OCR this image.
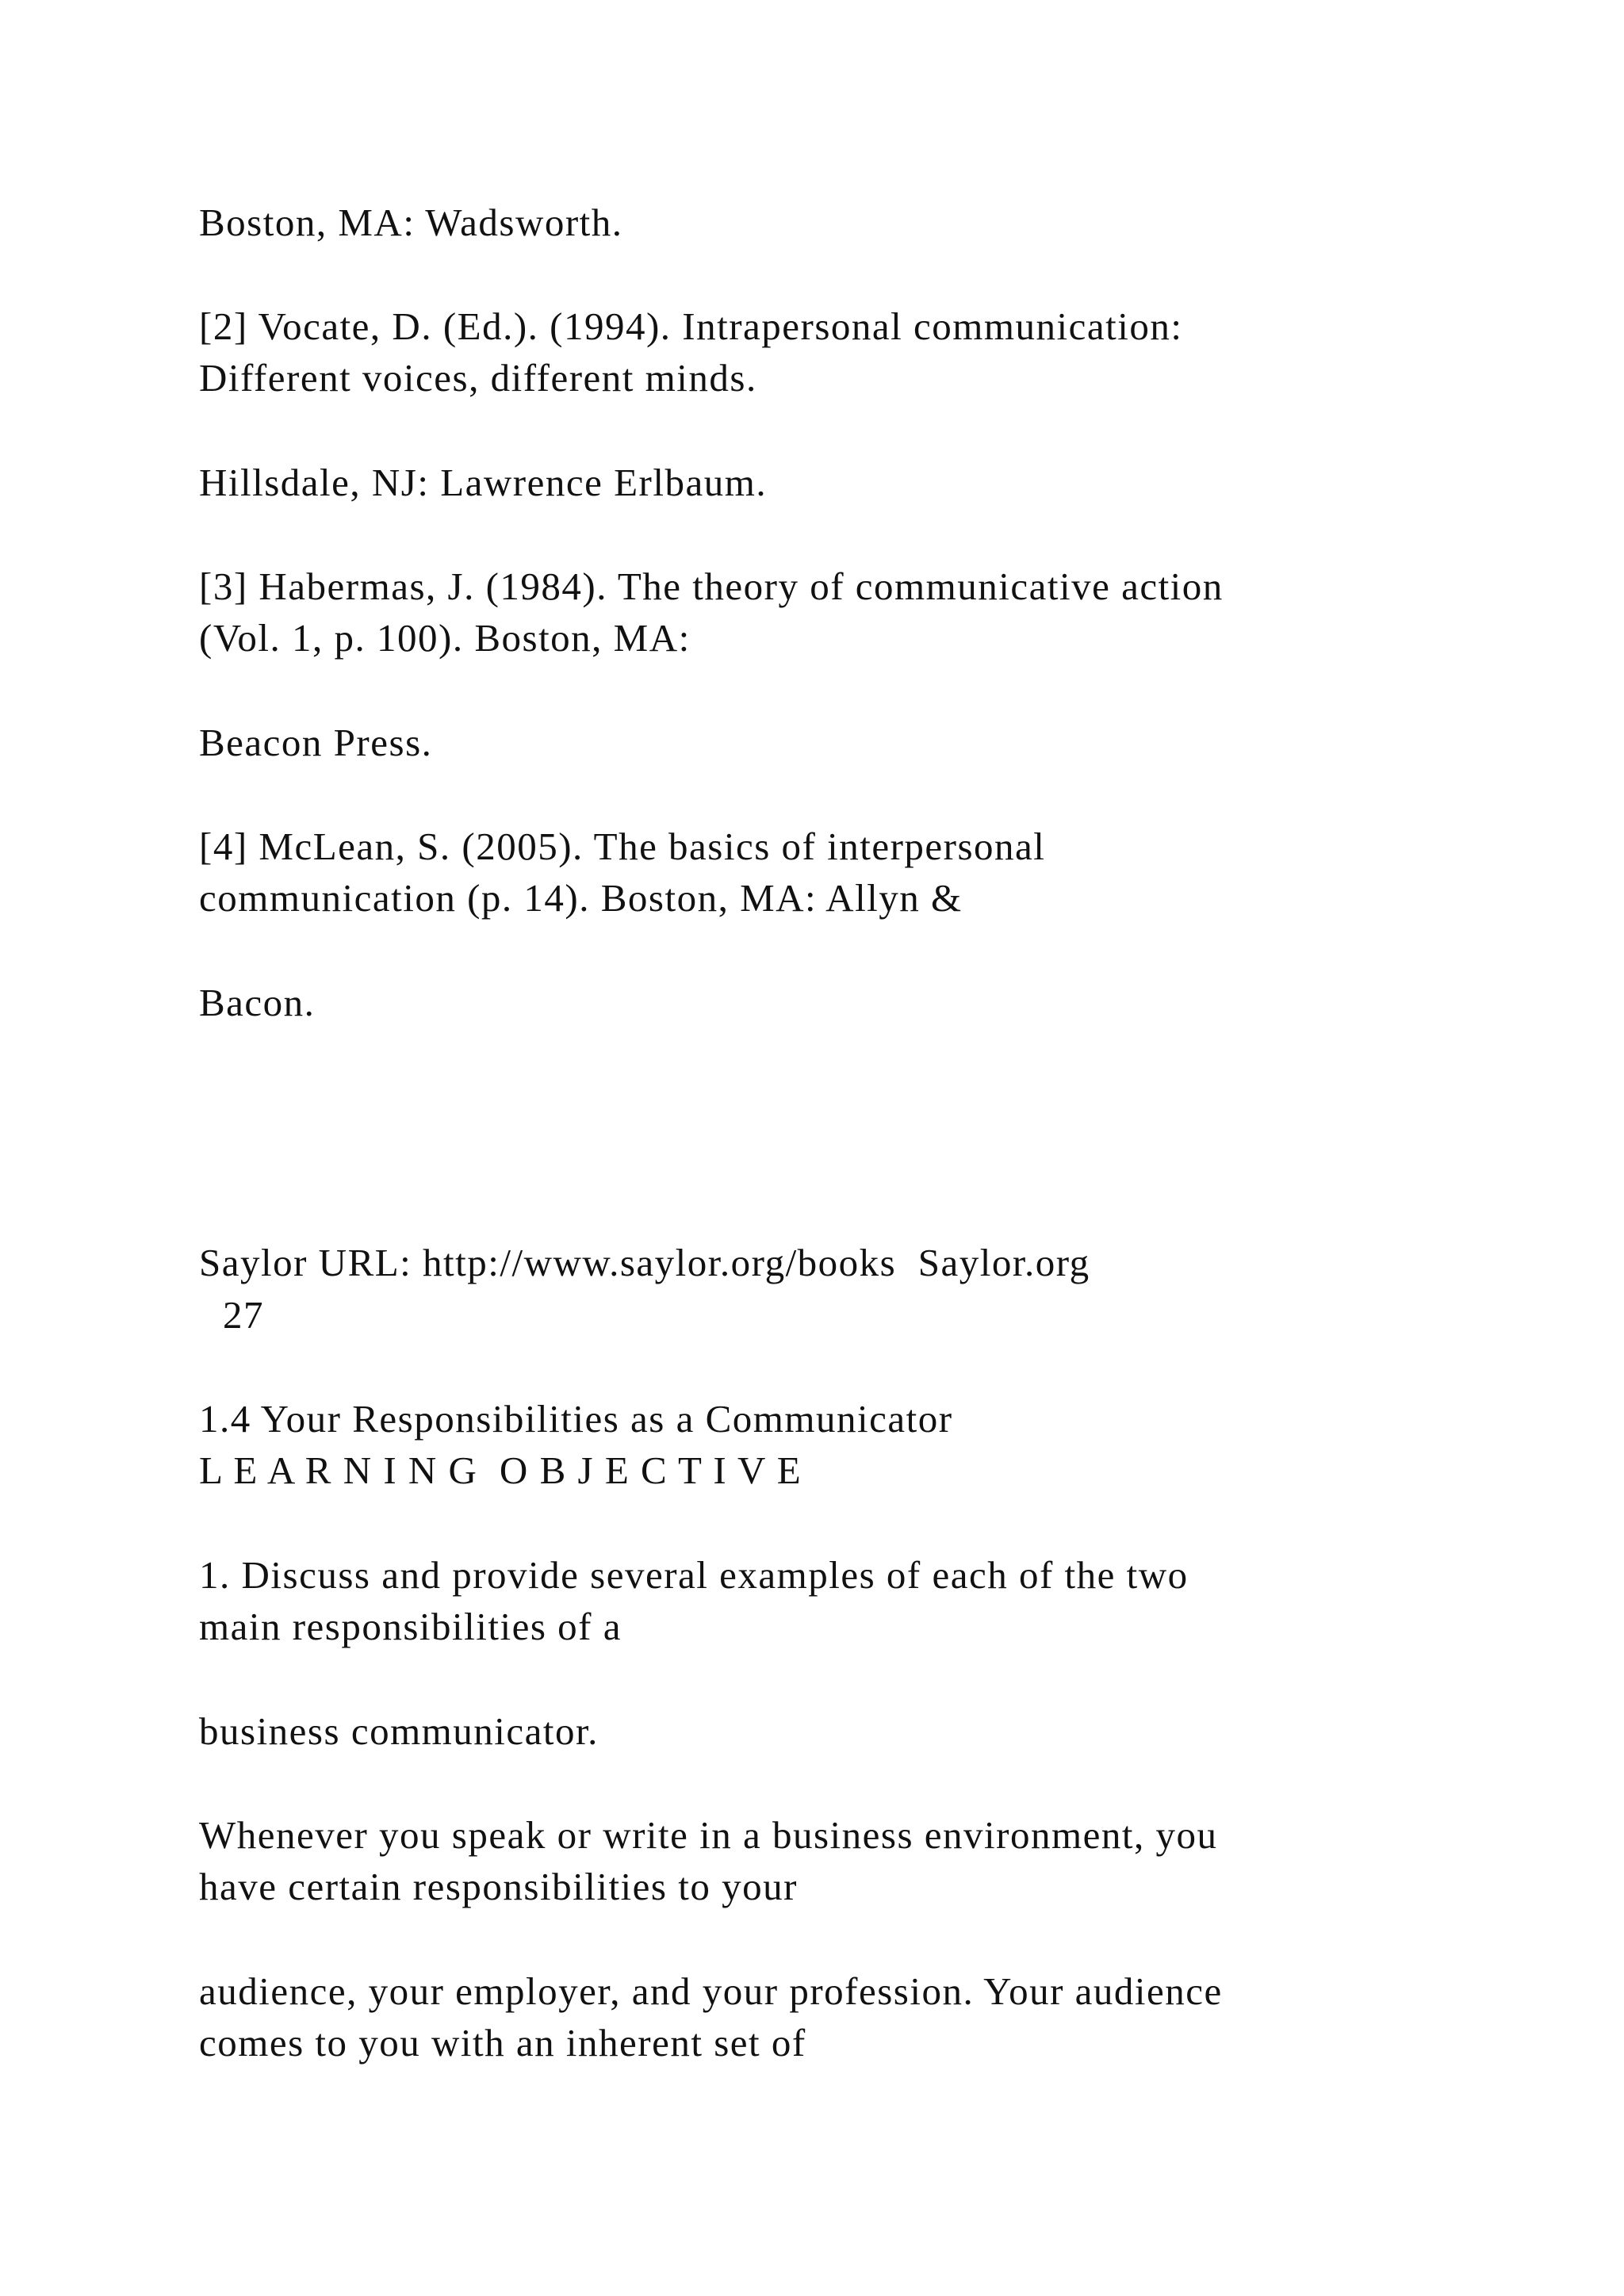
Boston, MA: Wadsworth.
[2] Vocate, D. (Ed.). (1994). Intrapersonal communication:
Different voices, different minds.
Hillsdale, NJ: Lawrence Erlbaum.
[3] Habermas, J. (1984). The theory of communicative action
(Vol. 1, p. 100). Boston, MA:
Beacon Press.
[4] McLean, S. (2005). The basics of interpersonal
communication (p. 14). Boston, MA: Allyn &
Bacon.
Saylor URL: http://www.saylor.org/books  Saylor.org
27
1.4 Your Responsibilities as a Communicator
L E A R N I N G  O B J E C T I V E
1. Discuss and provide several examples of each of the two
main responsibilities of a
business communicator.
Whenever you speak or write in a business environment, you
have certain responsibilities to your
audience, your employer, and your profession. Your audience
comes to you with an inherent set of
